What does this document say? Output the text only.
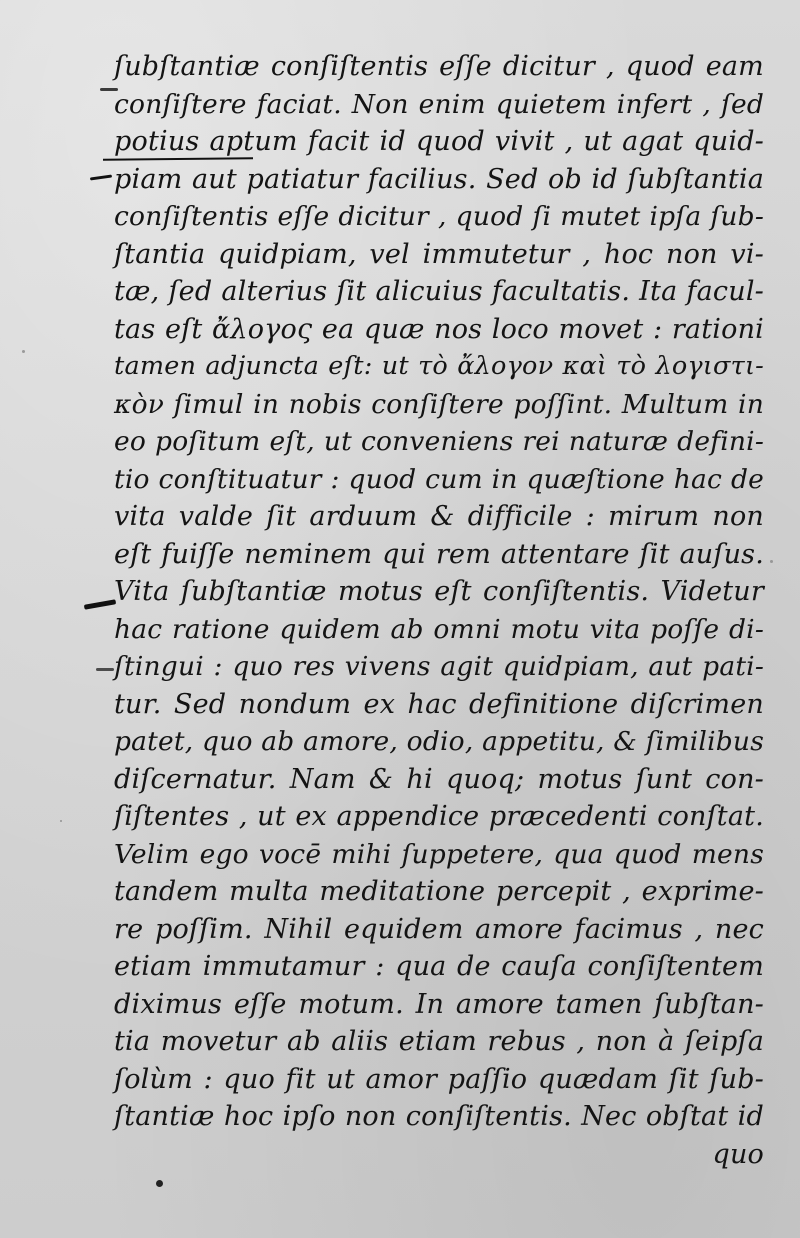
ſubſtantiæ conſiſtentis eſſe dicitur , quod eam
conſiſtere faciat. Non enim quietem infert , ſed
potius aptum facit id quod vivit , ut agat quid-
piam aut patiatur facilius. Sed ob id ſubſtantia
conſiſtentis eſſe dicitur , quod ſi mutet ipſa ſub-
ſtantia quidpiam, vel immutetur , hoc non vi-
tæ, ſed alterius ſit alicuius facultatis. Ita facul-
tas eſt ἄλογος ea quæ nos loco movet : rationi
tamen adjuncta eſt: ut τὸ ἄλογον καὶ τὸ λογιστι-
κὸν ſimul in nobis conſiſtere poſſint. Multum in
eo poſitum eſt, ut conveniens rei naturæ defini-
tio conſtituatur : quod cum in quæſtione hac de
vita valde ſit arduum & difficile : mirum non
eſt fuiſſe neminem qui rem attentare ſit auſus.
Vita ſubſtantiæ motus eſt conſiſtentis. Videtur
hac ratione quidem ab omni motu vita poſſe di-
ſtingui : quo res vivens agit quidpiam, aut pati-
tur. Sed nondum ex hac definitione diſcrimen
patet, quo ab amore, odio, appetitu, & ſimilibus
diſcernatur. Nam & hi quoq; motus ſunt con-
ſiſtentes , ut ex appendice præcedenti conſtat.
Velim ego vocē mihi ſuppetere, qua quod mens
tandem multa meditatione percepit , exprime-
re poſſim. Nihil equidem amore facimus , nec
etiam immutamur : qua de cauſa conſiſtentem
diximus eſſe motum. In amore tamen ſubſtan-
tia movetur ab aliis etiam rebus , non à ſeipſa
ſolùm : quo fit ut amor paſſio quædam ſit ſub-
ſtantiæ hoc ipſo non conſiſtentis. Nec obſtat id
quo
